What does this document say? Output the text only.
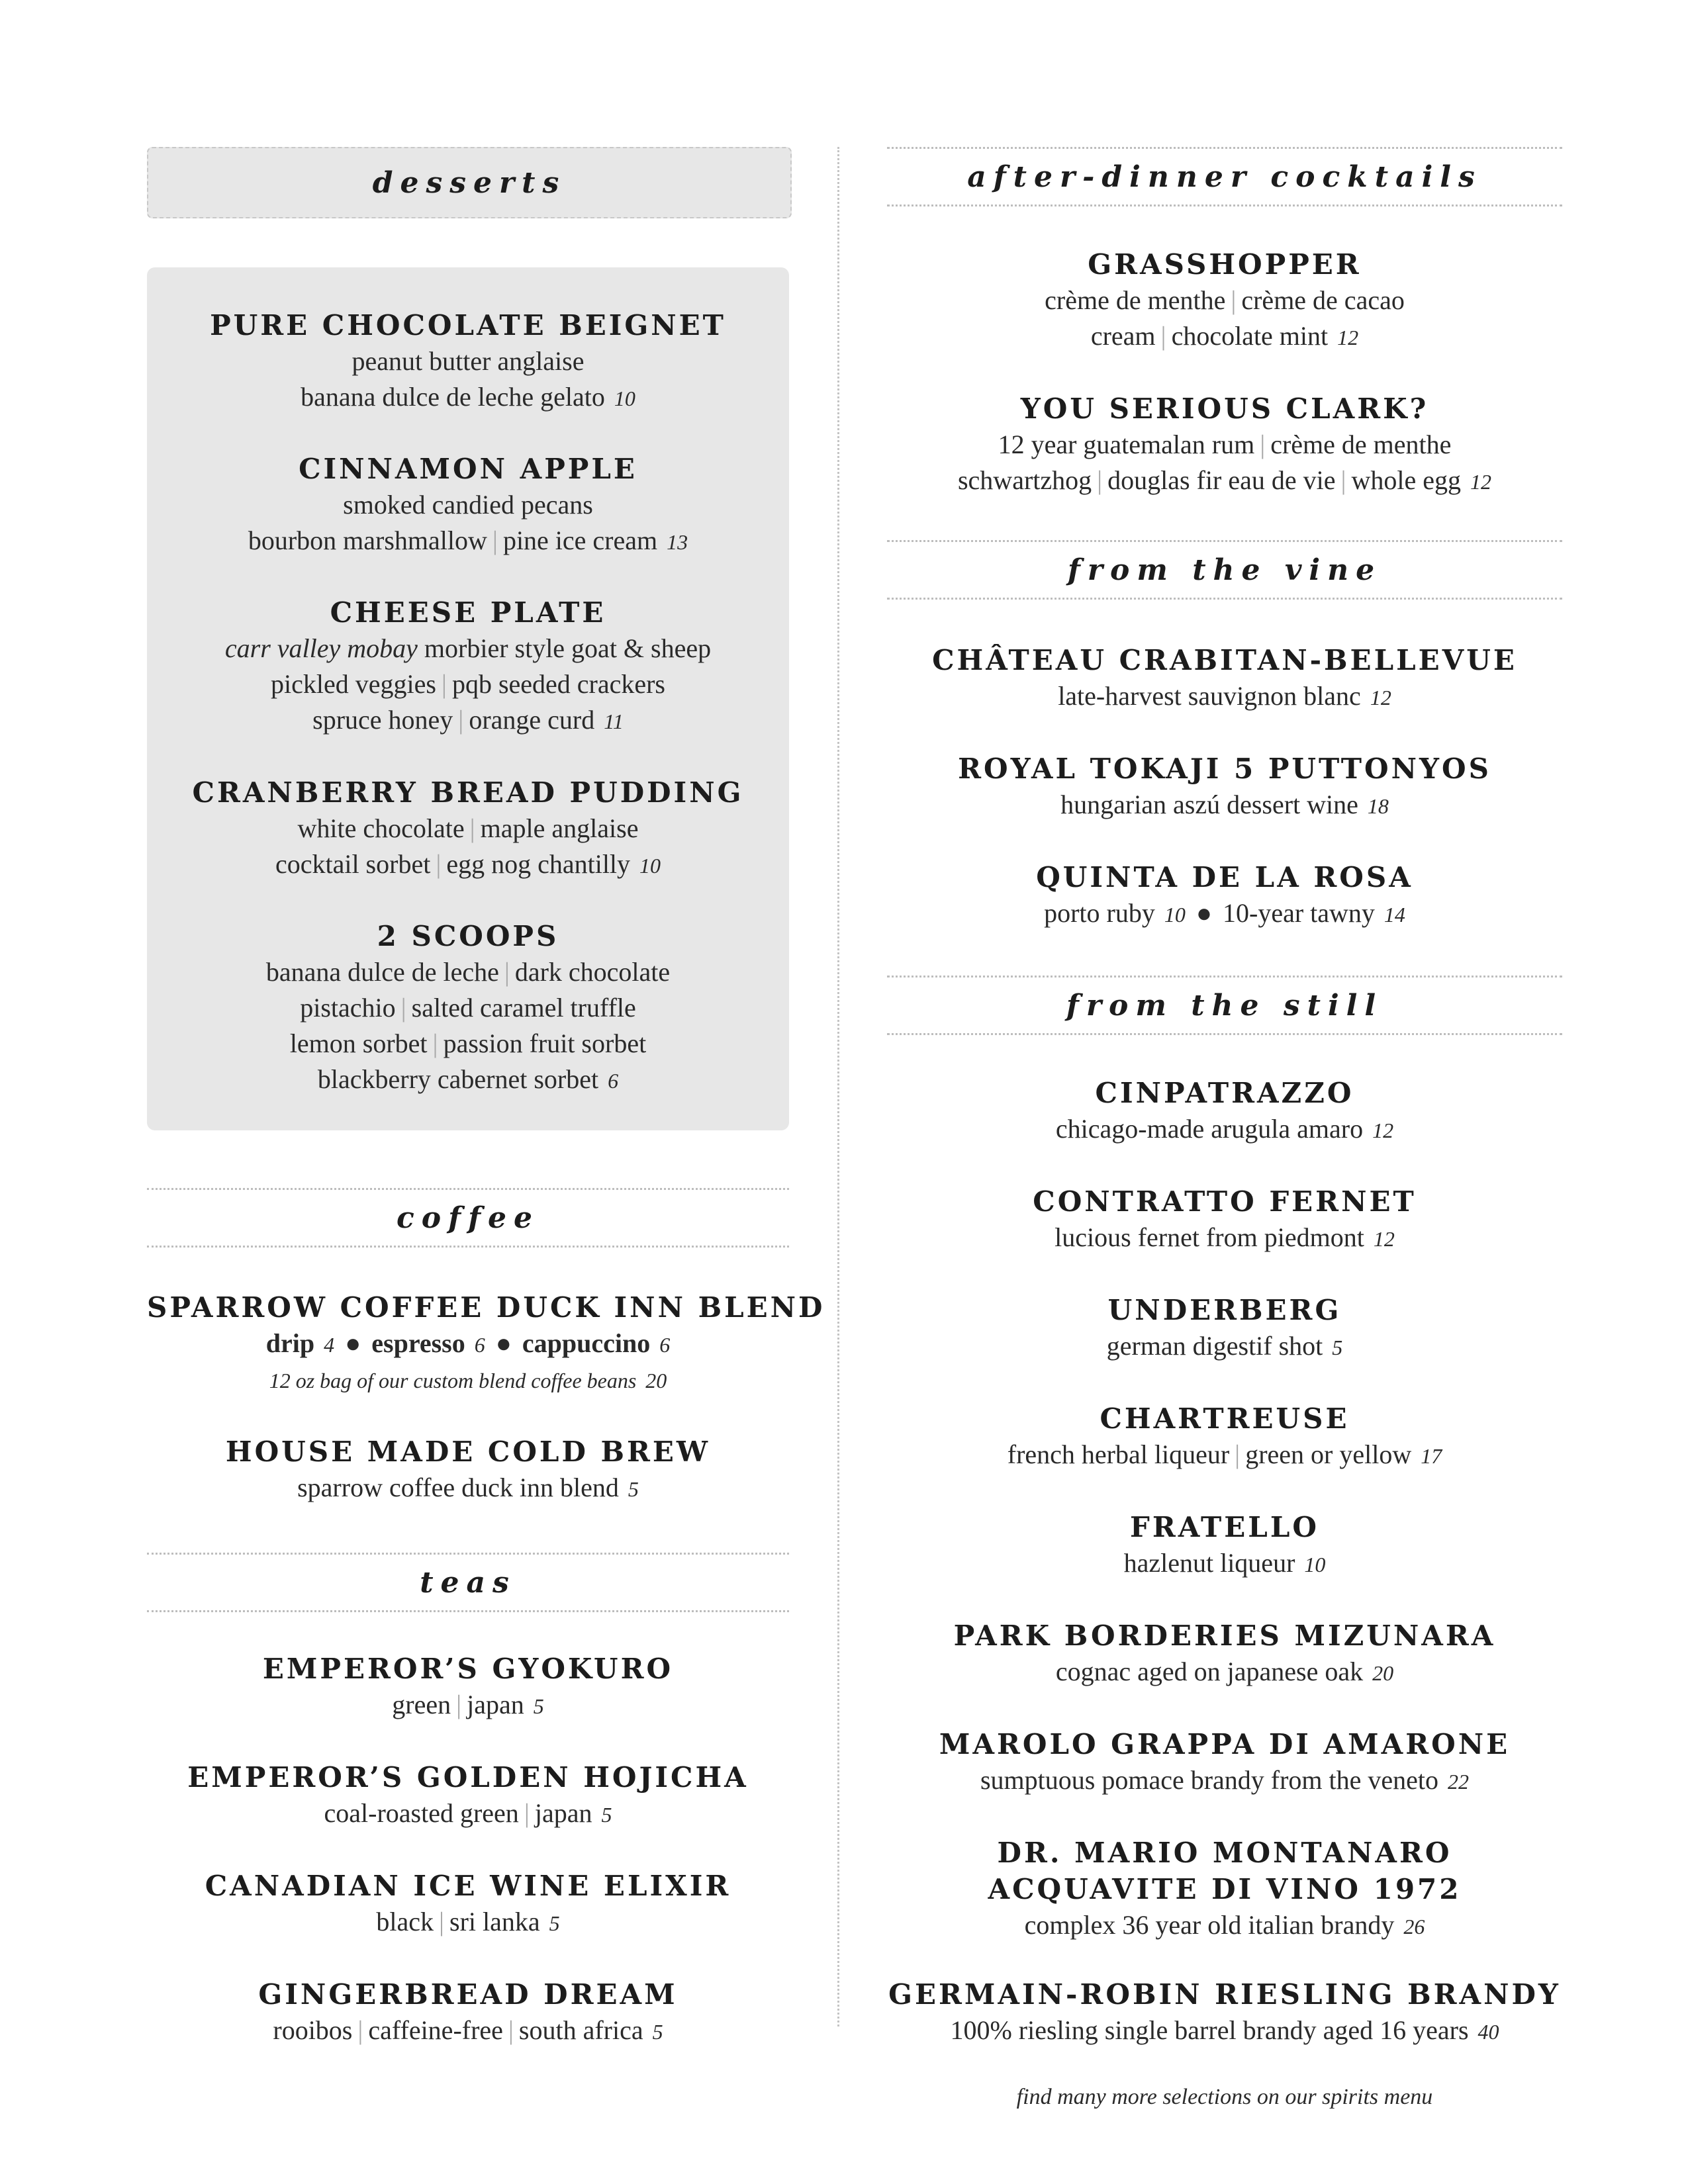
desserts
PURE CHOCOLATE BEIGNET
peanut butter anglaise
banana dulce de leche gelato 10
CINNAMON APPLE
smoked candied pecans
bourbon marshmallow | pine ice cream 13
CHEESE PLATE
carr valley mobay morbier style goat & sheep
pickled veggies | pqb seeded crackers
spruce honey | orange curd 11
CRANBERRY BREAD PUDDING
white chocolate | maple anglaise
cocktail sorbet | egg nog chantilly 10
2 SCOOPS
banana dulce de leche | dark chocolate
pistachio | salted caramel truffle
lemon sorbet | passion fruit sorbet
blackberry cabernet sorbet 6
coffee
SPARROW COFFEE DUCK INN BLEND
drip 4 ● espresso 6 ● cappuccino 6
12 oz bag of our custom blend coffee beans 20
HOUSE MADE COLD BREW
sparrow coffee duck inn blend 5
teas
EMPEROR’S GYOKURO
green | japan 5
EMPEROR’S GOLDEN HOJICHA
coal-roasted green | japan 5
CANADIAN ICE WINE ELIXIR
black | sri lanka 5
GINGERBREAD DREAM
rooibos | caffeine-free | south africa 5
after-dinner cocktails
GRASSHOPPER
crème de menthe | crème de cacao
cream | chocolate mint 12
YOU SERIOUS CLARK?
12 year guatemalan rum | crème de menthe
schwartzhog | douglas fir eau de vie | whole egg 12
from the vine
CHÂTEAU CRABITAN-BELLEVUE
late-harvest sauvignon blanc 12
ROYAL TOKAJI 5 PUTTONYOS
hungarian aszú dessert wine 18
QUINTA DE LA ROSA
porto ruby 10 ● 10-year tawny 14
from the still
CINPATRAZZO
chicago-made arugula amaro 12
CONTRATTO FERNET
lucious fernet from piedmont 12
UNDERBERG
german digestif shot 5
CHARTREUSE
french herbal liqueur | green or yellow 17
FRATELLO
hazlenut liqueur 10
PARK BORDERIES MIZUNARA
cognac aged on japanese oak 20
MAROLO GRAPPA DI AMARONE
sumptuous pomace brandy from the veneto 22
DR. MARIO MONTANARO
ACQUAVITE DI VINO 1972
complex 36 year old italian brandy 26
GERMAIN-ROBIN RIESLING BRANDY
100% riesling single barrel brandy aged 16 years 40
find many more selections on our spirits menu
